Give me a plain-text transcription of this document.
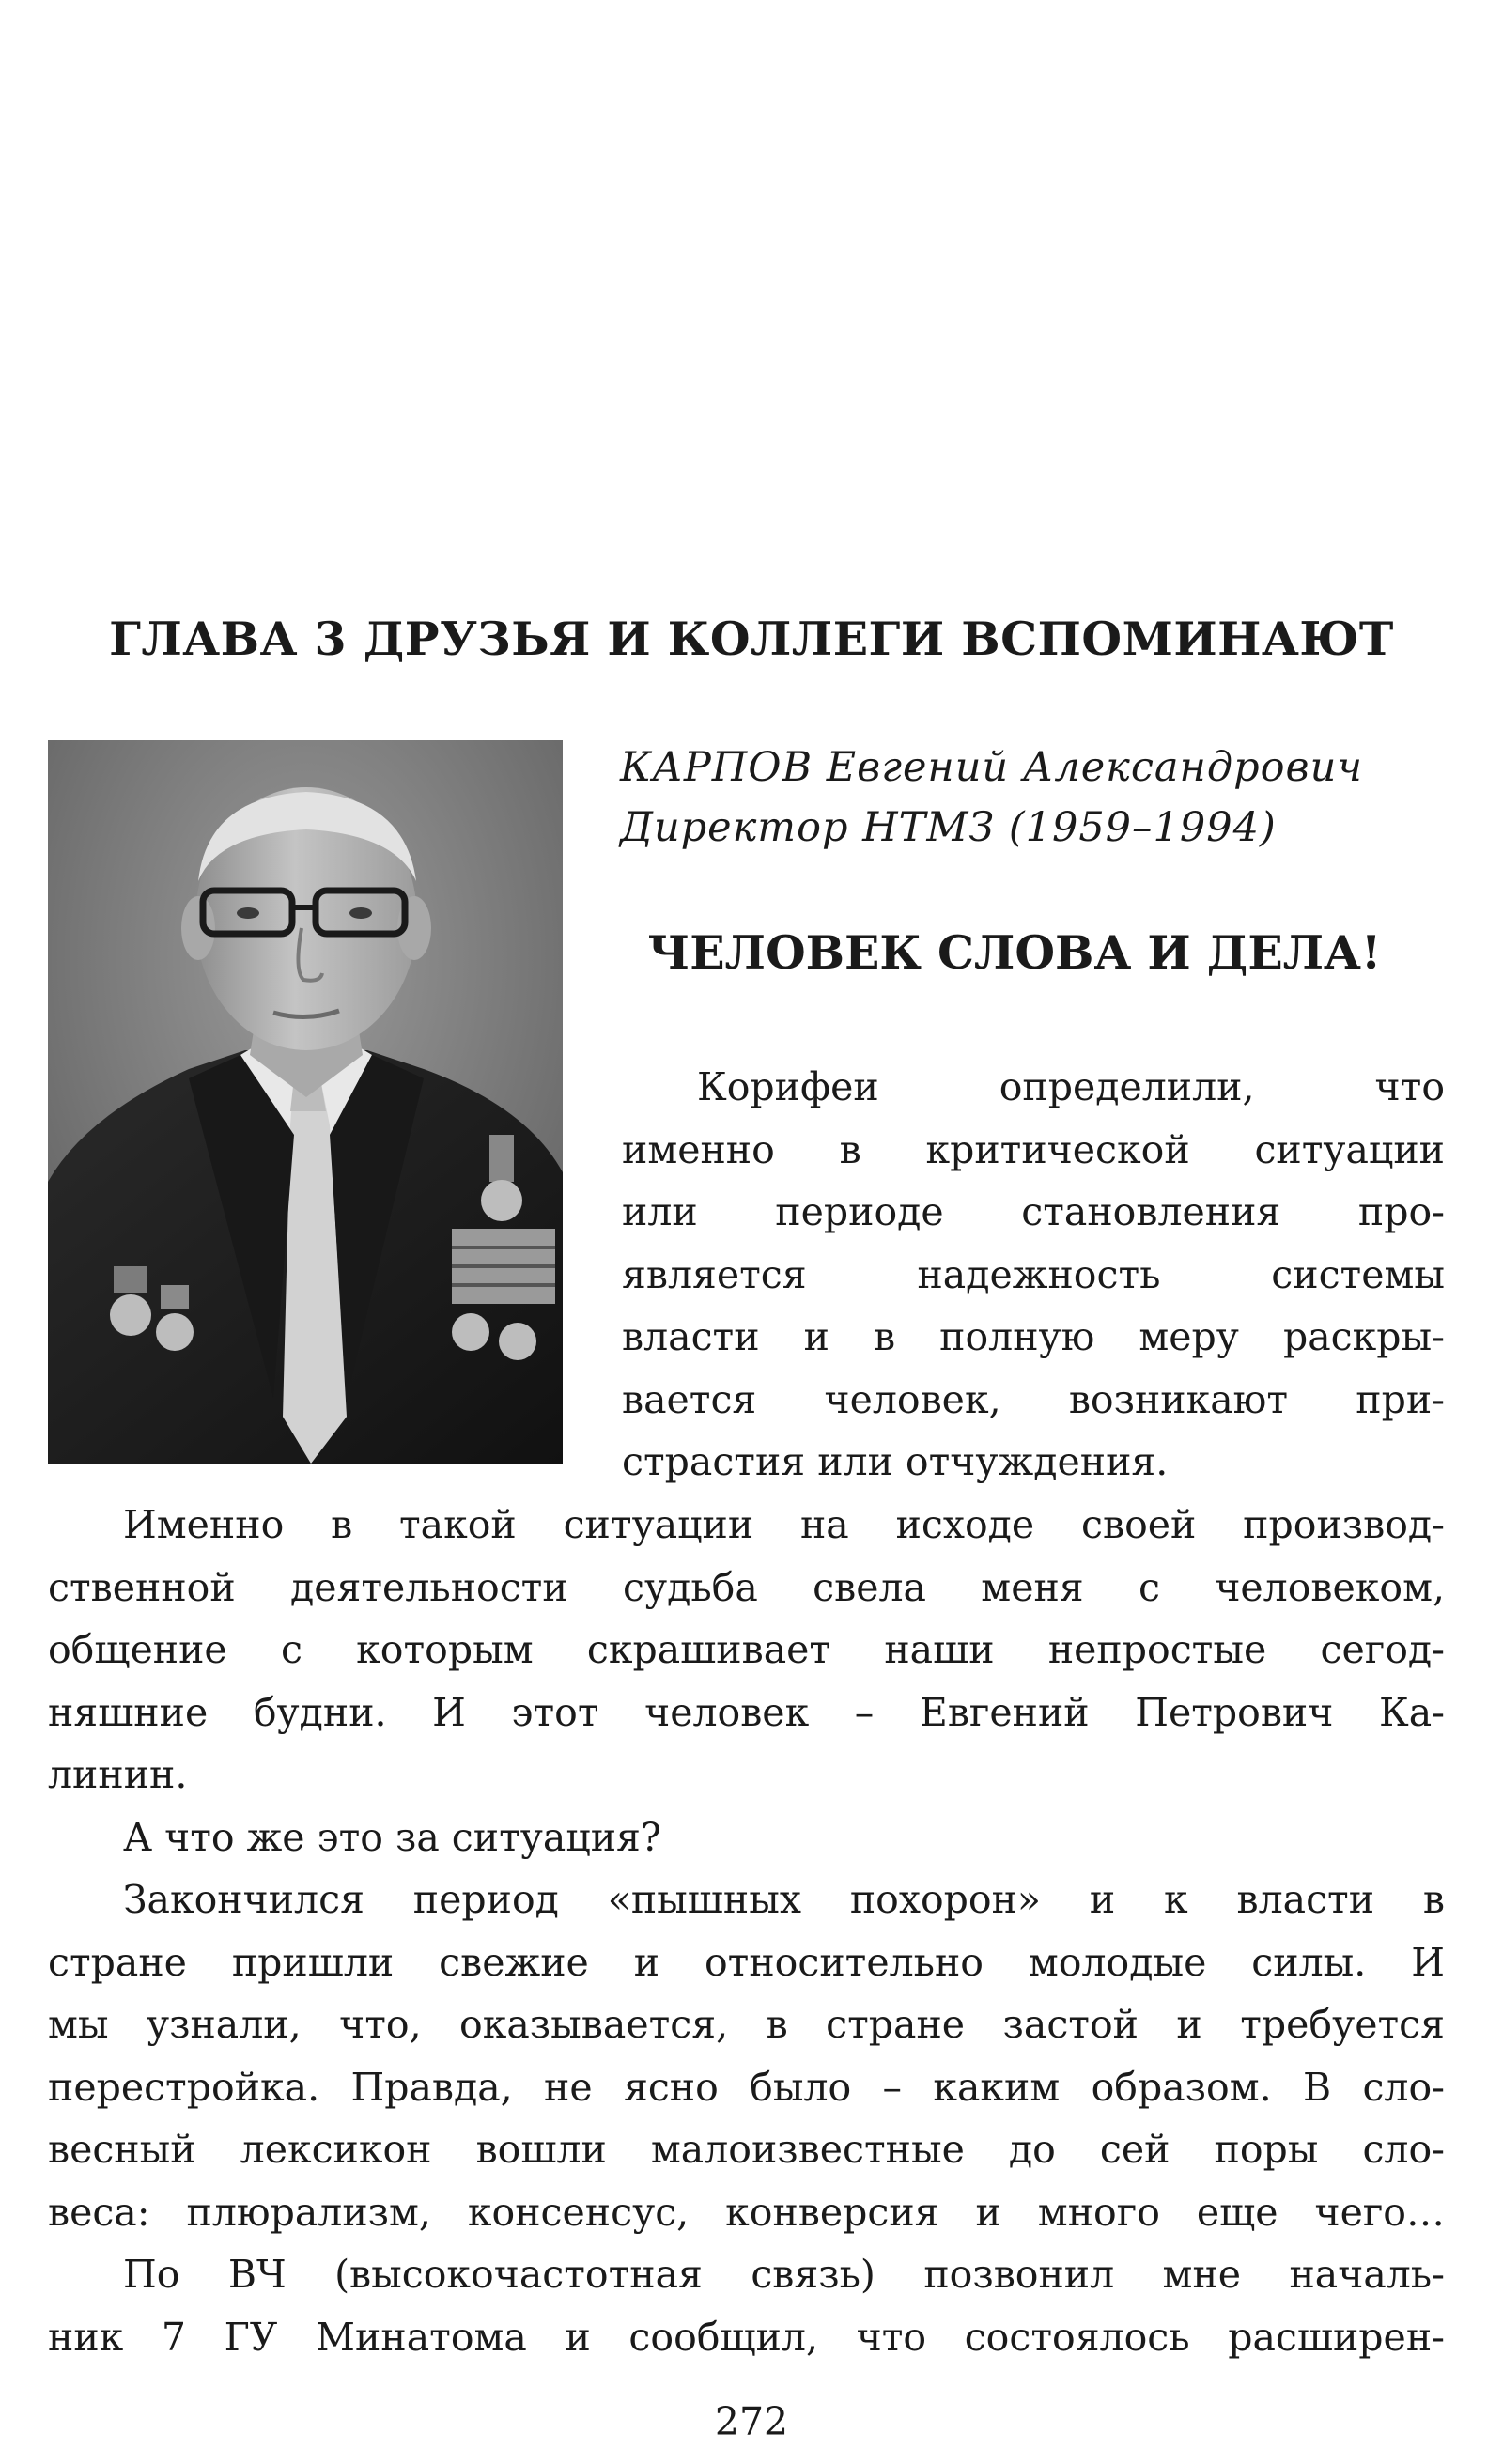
ГЛАВА 3 ДРУЗЬЯ И КОЛЛЕГИ ВСПОМИНАЮТ
КАРПОВ Евгений Александрович
Директор НТМЗ (1959–1994)
ЧЕЛОВЕК СЛОВА И ДЕЛА!
Корифеи определили, что
именно в критической ситуации
или периоде становления про-
является надежность системы
власти и в полную меру раскры-
вается человек, возникают при-
страстия или отчуждения.
Именно в такой ситуации на исходе своей производ-
ственной деятельности судьба свела меня с человеком,
общение с которым скрашивает наши непростые сегод-
няшние будни. И этот человек – Евгений Петрович Ка-
линин.
А что же это за ситуация?
Закончился период «пышных похорон» и к власти в
стране пришли свежие и относительно молодые силы. И
мы узнали, что, оказывается, в стране застой и требуется
перестройка. Правда, не ясно было – каким образом. В сло-
весный лексикон вошли малоизвестные до сей поры сло-
веса: плюрализм, консенсус, конверсия и много еще чего…
По ВЧ (высокочастотная связь) позвонил мне началь-
ник 7 ГУ Минатома и сообщил, что состоялось расширен-
272
